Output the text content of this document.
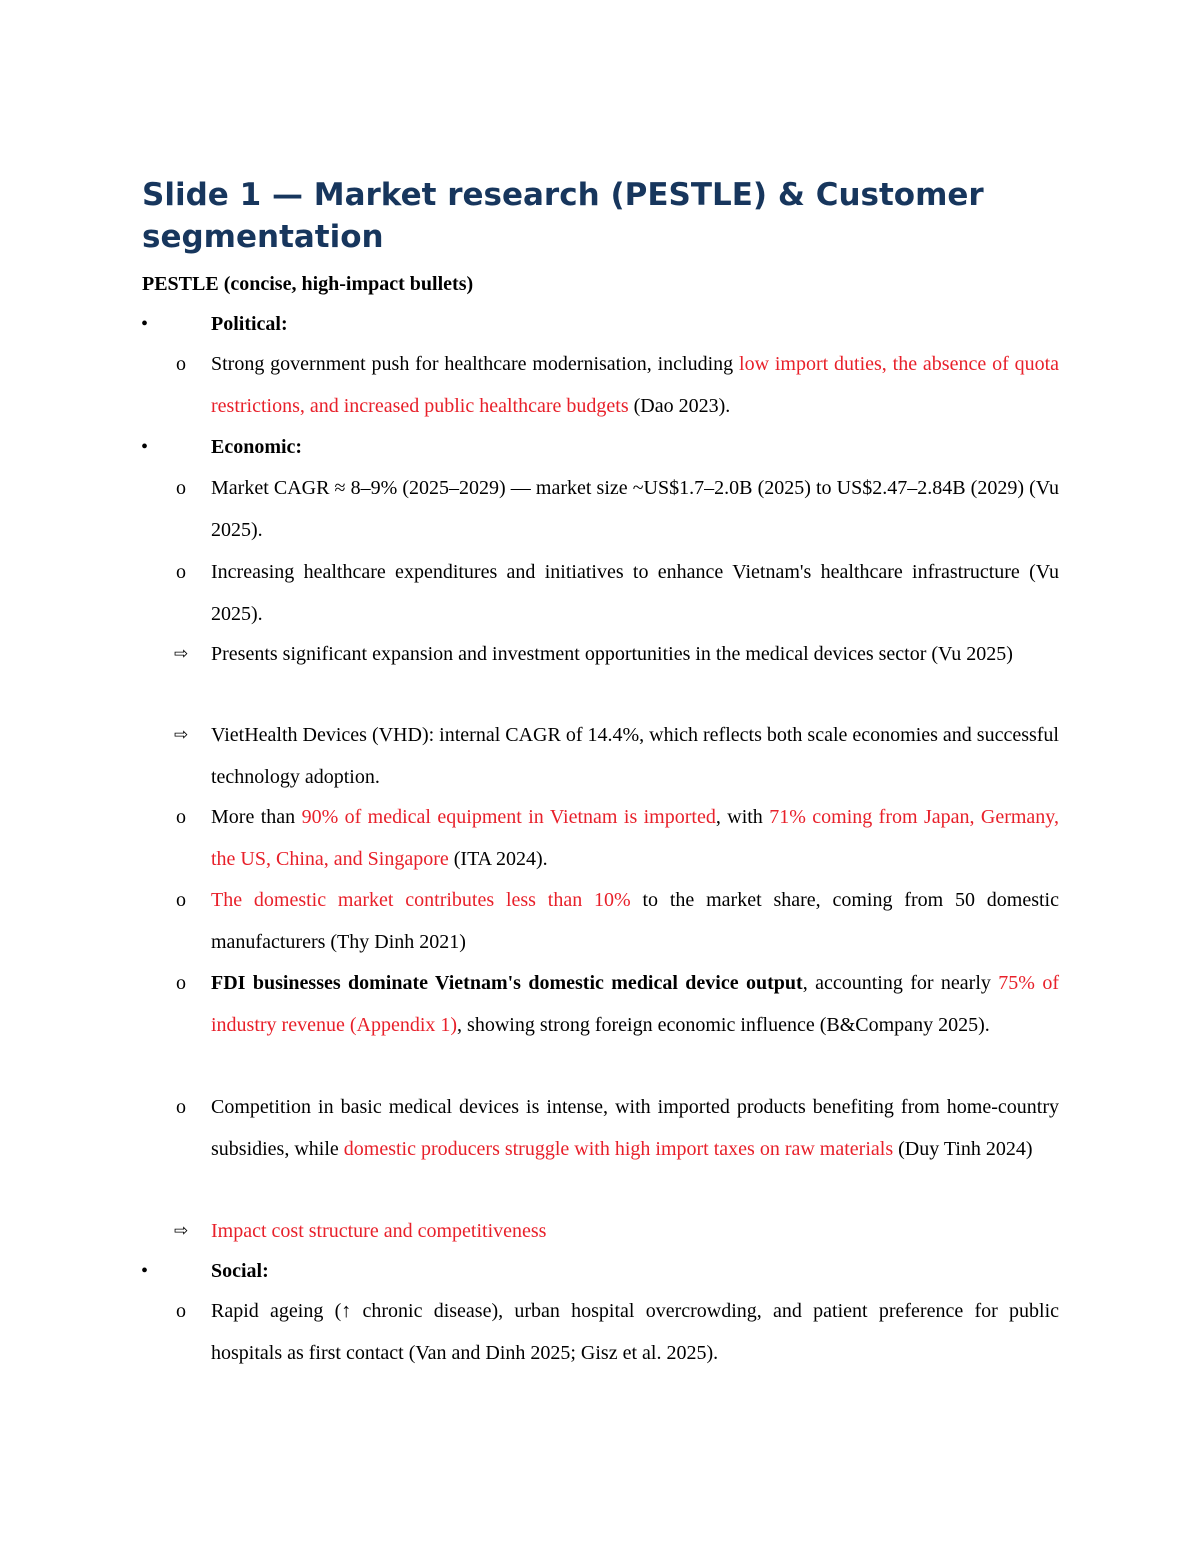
Slide 1 — Market research (PESTLE) & Customer segmentation

PESTLE (concise, high-impact bullets)

•	Political:

o Strong government push for healthcare modernisation, including low import duties, the absence of quota restrictions, and increased public healthcare budgets (Dao 2023).

•	Economic:

o Market CAGR ≈ 8–9% (2025–2029) — market size ~US$1.7–2.0B (2025) to US$2.47–2.84B (2029) (Vu 2025).

o Increasing healthcare expenditures and initiatives to enhance Vietnam's healthcare infrastructure (Vu 2025).

⇨ Presents significant expansion and investment opportunities in the medical devices sector (Vu 2025)

⇨ VietHealth Devices (VHD): internal CAGR of 14.4%, which reflects both scale economies and successful technology adoption.

o More than 90% of medical equipment in Vietnam is imported, with 71% coming from Japan, Germany, the US, China, and Singapore (ITA 2024).

o The domestic market contributes less than 10% to the market share, coming from 50 domestic manufacturers (Thy Dinh 2021)

o FDI businesses dominate Vietnam's domestic medical device output, accounting for nearly 75% of industry revenue (Appendix 1), showing strong foreign economic influence (B&Company 2025).

o Competition in basic medical devices is intense, with imported products benefiting from home-country subsidies, while domestic producers struggle with high import taxes on raw materials (Duy Tinh 2024)

⇨ Impact cost structure and competitiveness

•	Social:

o Rapid ageing (↑ chronic disease), urban hospital overcrowding, and patient preference for public hospitals as first contact (Van and Dinh 2025; Gisz et al. 2025).
